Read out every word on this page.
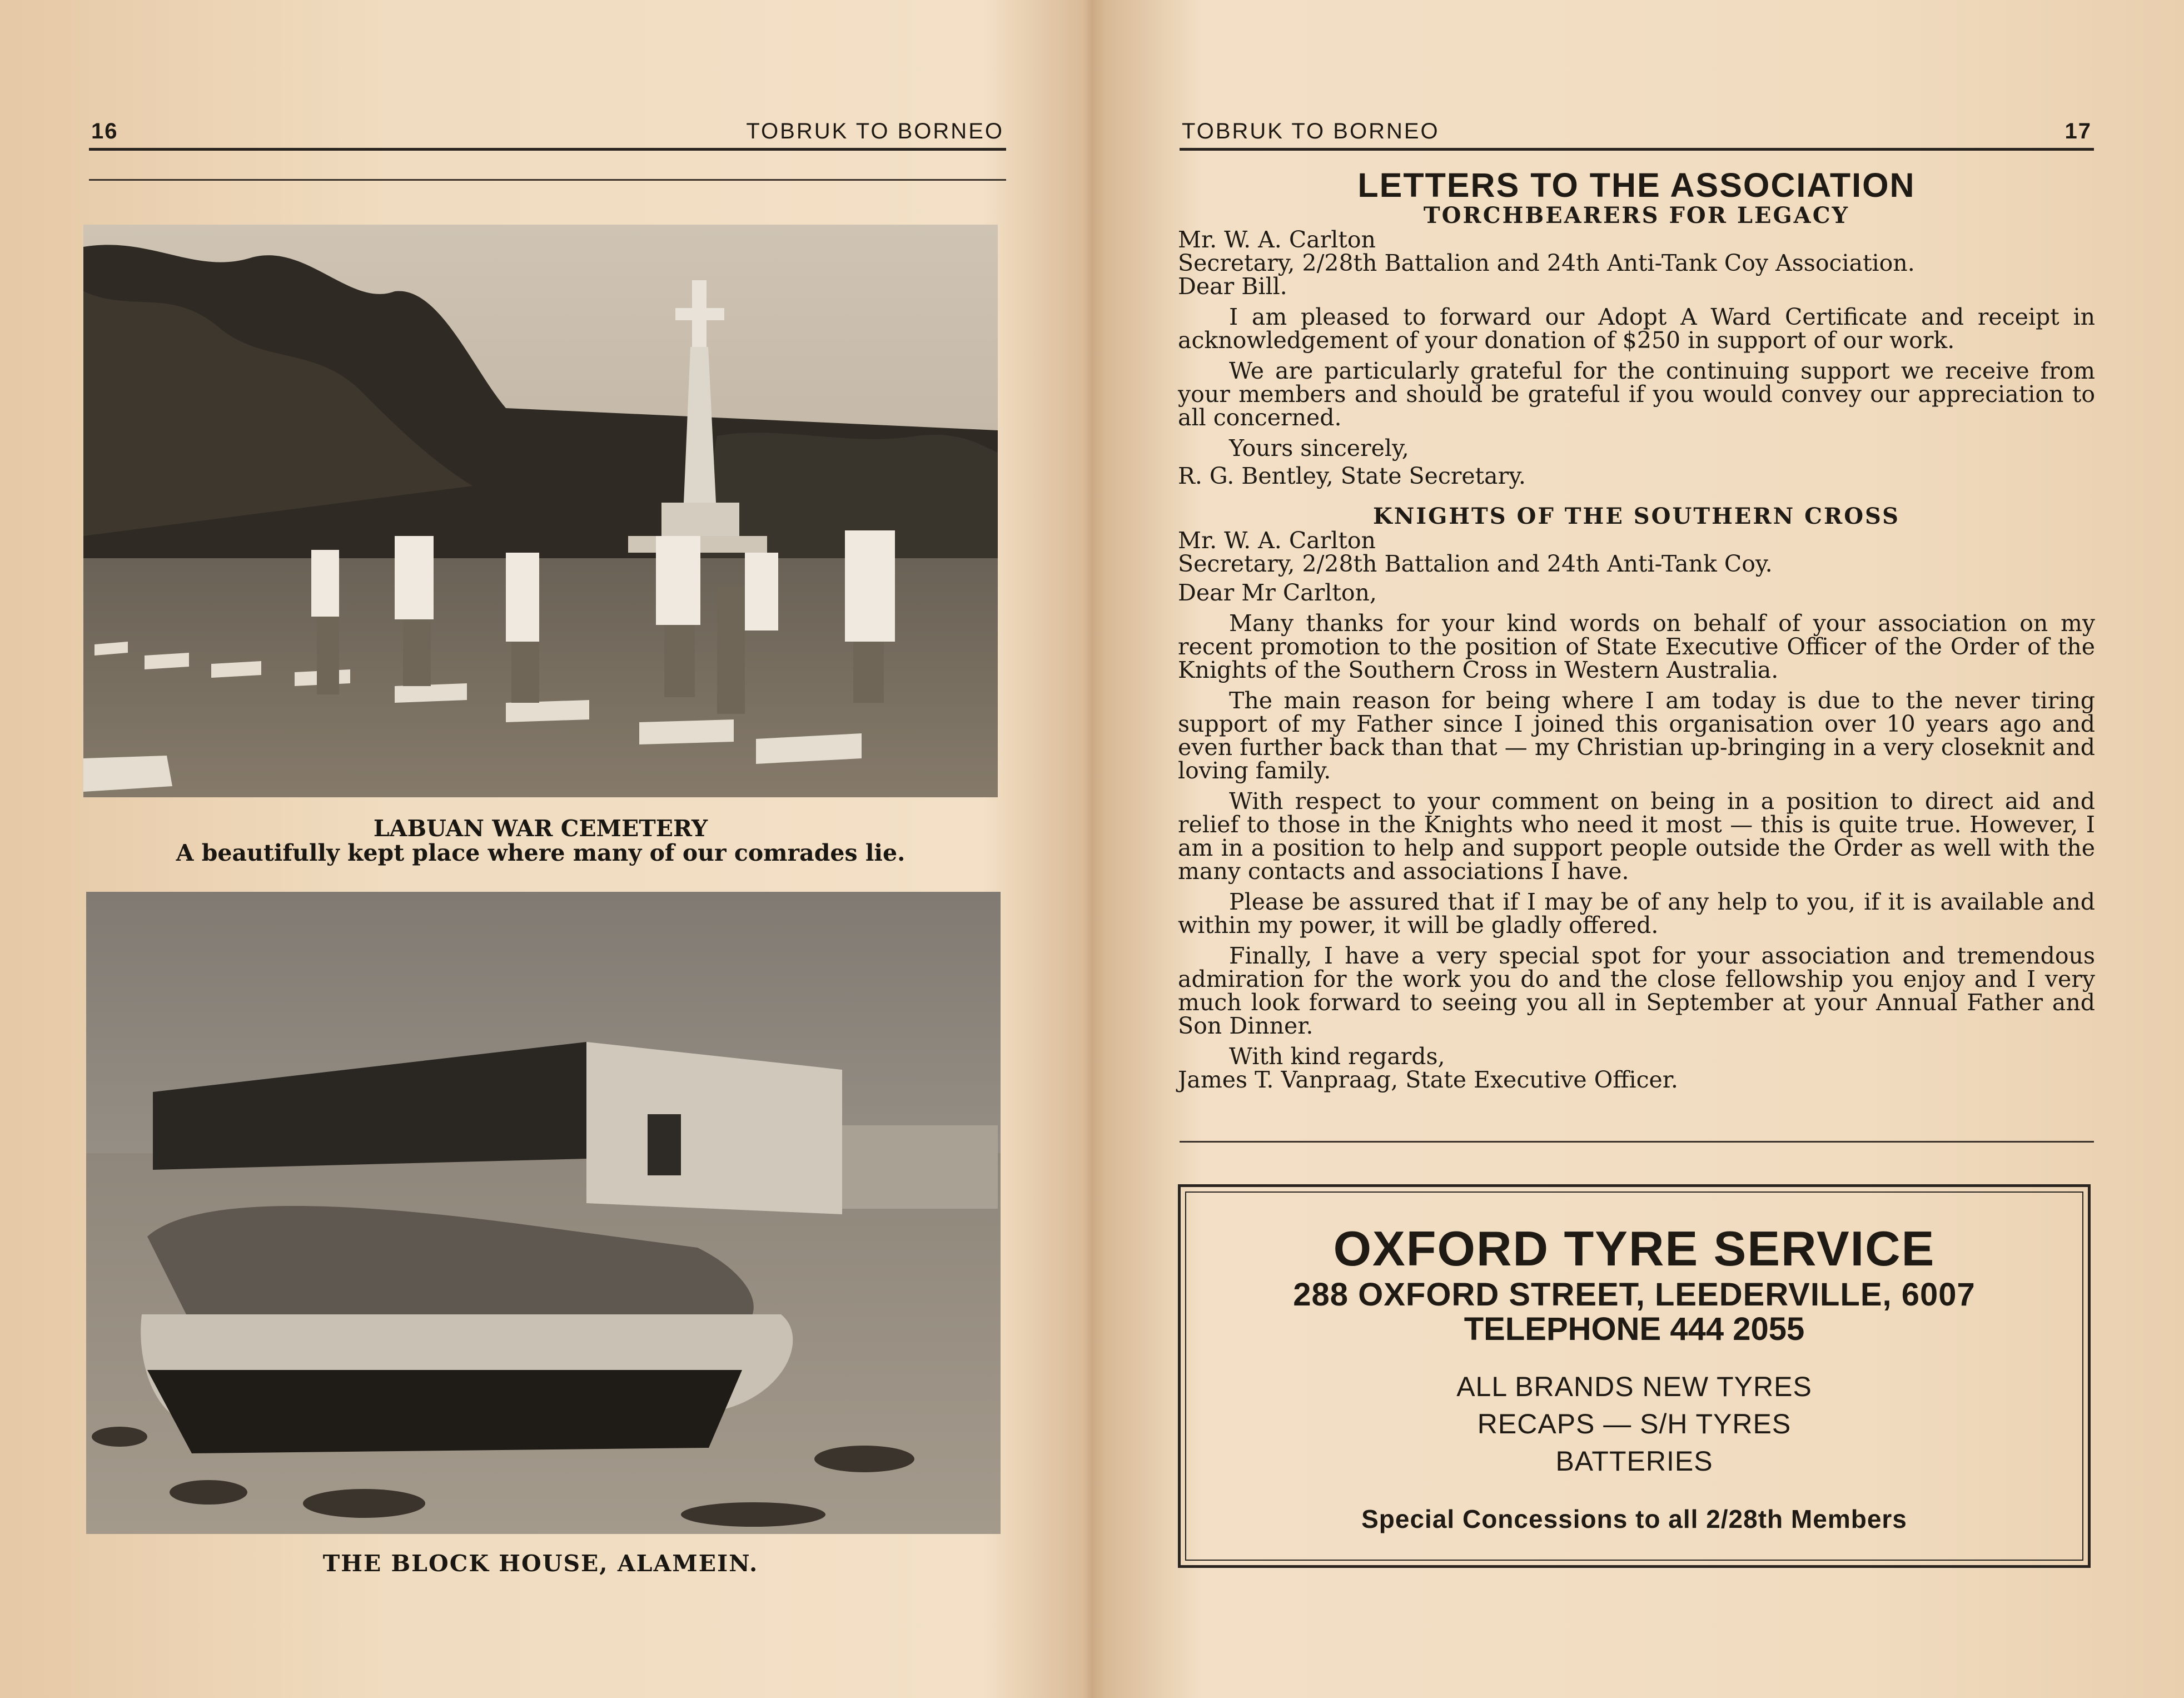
16	TOBRUK TO BORNEO
LABUAN WAR CEMETERY
A beautifully kept place where many of our comrades lie.
THE BLOCK HOUSE, ALAMEIN.
TOBRUK TO BORNEO	17
LETTERS TO THE ASSOCIATION
TORCHBEARERS FOR LEGACY

Mr. W. A. Carlton

Secretary, 2/28th Battalion and 24th Anti-Tank Coy Association.

Dear Bill.

I am pleased to forward our Adopt A Ward Certificate and receipt in acknowledgement of your donation of $250 in support of our work.

We are particularly grateful for the continuing support we receive from your members and should be grateful if you would convey our appreciation to all concerned.

Yours sincerely,

R. G. Bentley, State Secretary.

KNIGHTS OF THE SOUTHERN CROSS

Mr. W. A. Carlton

Secretary, 2/28th Battalion and 24th Anti-Tank Coy.

Dear Mr Carlton,

Many thanks for your kind words on behalf of your association on my recent promotion to the position of State Executive Officer of the Order of the Knights of the Southern Cross in Western Australia.

The main reason for being where I am today is due to the never tiring support of my Father since I joined this organisation over 10 years ago and even further back than that — my Christian up-bringing in a very closeknit and loving family.

With respect to your comment on being in a position to direct aid and relief to those in the Knights who need it most — this is quite true. However, I am in a position to help and support people outside the Order as well with the many contacts and associations I have.

Please be assured that if I may be of any help to you, if it is available and within my power, it will be gladly offered.

Finally, I have a very special spot for your association and tremendous admiration for the work you do and the close fellowship you enjoy and I very much look forward to seeing you all in September at your Annual Father and Son Dinner.

With kind regards,

James T. Vanpraag, State Executive Officer.

OXFORD TYRE SERVICE
288 OXFORD STREET, LEEDERVILLE, 6007
TELEPHONE 444 2055
ALL BRANDS NEW TYRES
RECAPS — S/H TYRES
BATTERIES
Special Concessions to all 2/28th Members
